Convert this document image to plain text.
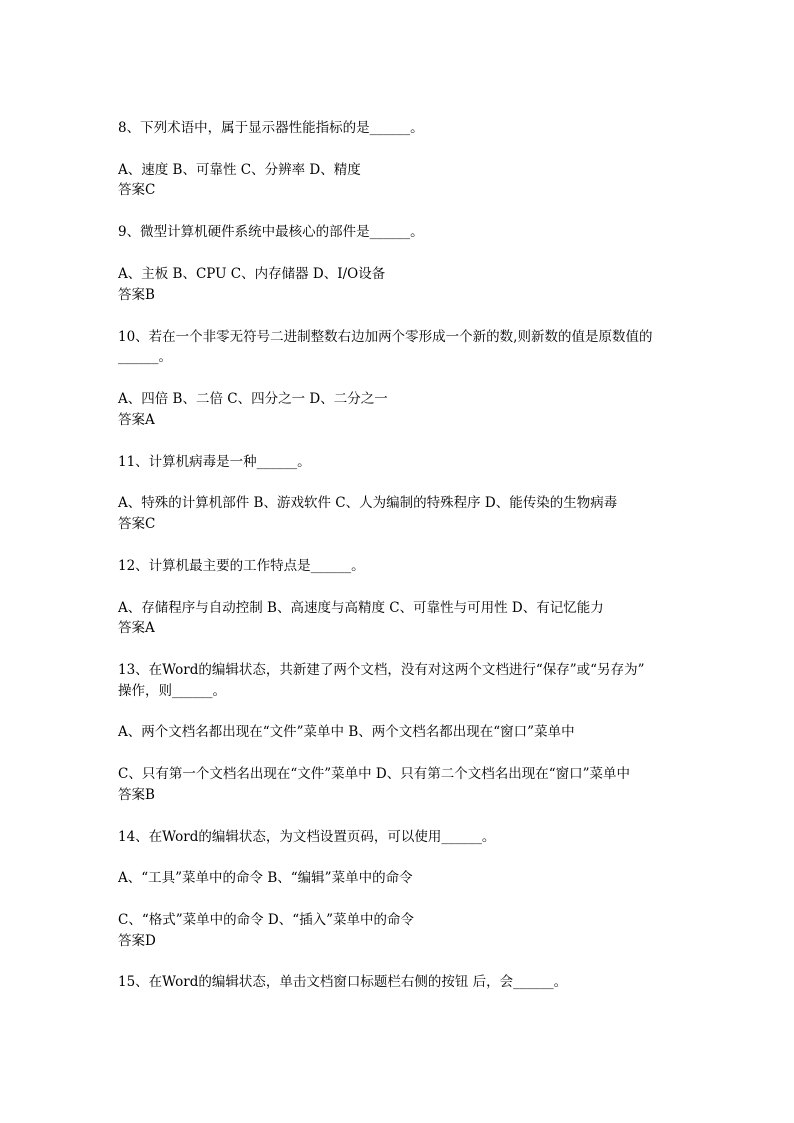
8、下列术语中，属于显示器性能指标的是______。
A、速度 B、可靠性 C、分辨率 D、精度
答案C
9、微型计算机硬件系统中最核心的部件是______。
A、主板 B、CPU C、内存储器 D、I/O设备
答案B
10、若在一个非零无符号二进制整数右边加两个零形成一个新的数,则新数的值是原数值的
______。
A、四倍 B、二倍 C、四分之一 D、二分之一
答案A
11、计算机病毒是一种______。
A、特殊的计算机部件 B、游戏软件 C、人为编制的特殊程序 D、能传染的生物病毒
答案C
12、计算机最主要的工作特点是______。
A、存储程序与自动控制 B、高速度与高精度 C、可靠性与可用性 D、有记忆能力
答案A
13、在Word的编辑状态，共新建了两个文档，没有对这两个文档进行“保存”或“另存为”
操作，则______。
A、两个文档名都出现在“文件”菜单中 B、两个文档名都出现在“窗口”菜单中
C、只有第一个文档名出现在“文件”菜单中 D、只有第二个文档名出现在“窗口”菜单中
答案B
14、在Word的编辑状态，为文档设置页码，可以使用______。
A、“工具”菜单中的命令 B、“编辑”菜单中的命令
C、“格式”菜单中的命令 D、“插入”菜单中的命令
答案D
15、在Word的编辑状态，单击文档窗口标题栏右侧的按钮 后，会______。
